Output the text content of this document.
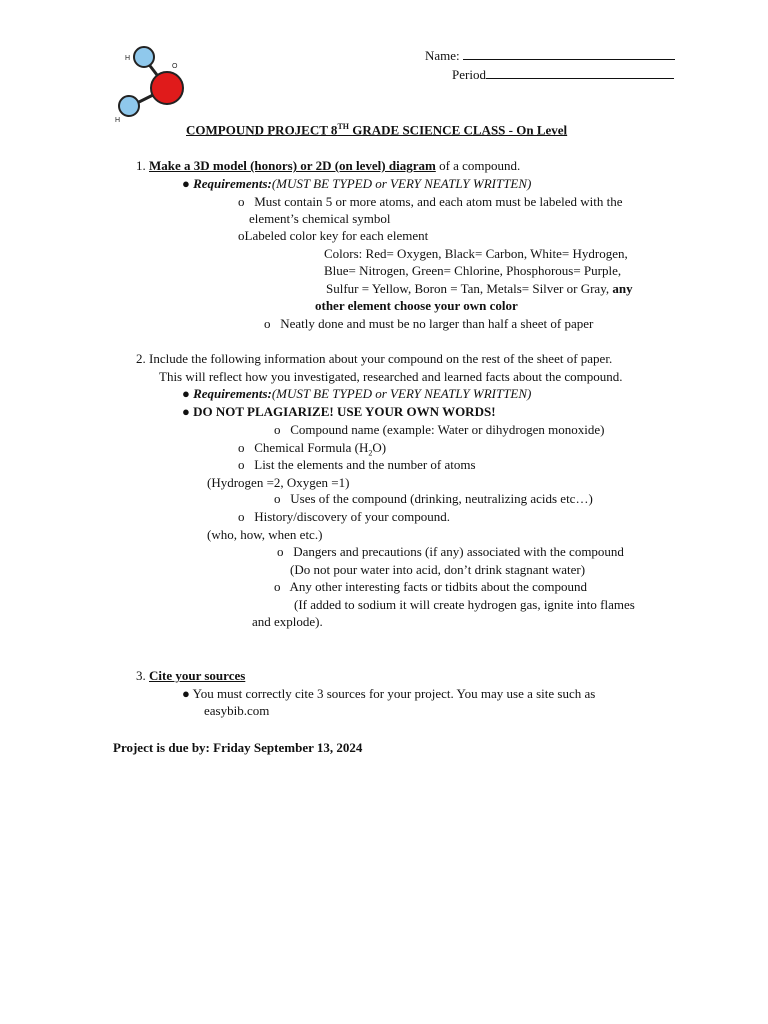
H
O
H
Name:
Period
COMPOUND PROJECT 8TH GRADE SCIENCE CLASS - On Level
1. Make a 3D model (honors) or 2D (on level) diagram of a compound.
● Requirements:(MUST BE TYPED or VERY NEATLY WRITTEN)
o Must contain 5 or more atoms, and each atom must be labeled with the
element’s chemical symbol
oLabeled color key for each element
Colors: Red= Oxygen, Black= Carbon, White= Hydrogen,
Blue= Nitrogen, Green= Chlorine, Phosphorous= Purple,
Sulfur = Yellow, Boron = Tan, Metals= Silver or Gray, any
other element choose your own color
o Neatly done and must be no larger than half a sheet of paper
2. Include the following information about your compound on the rest of the sheet of paper.
This will reflect how you investigated, researched and learned facts about the compound.
● Requirements:(MUST BE TYPED or VERY NEATLY WRITTEN)
● DO NOT PLAGIARIZE! USE YOUR OWN WORDS!
o Compound name (example: Water or dihydrogen monoxide)
o Chemical Formula $(H_2O)$
o List the elements and the number of atoms
(Hydrogen =2, Oxygen =1)
o Uses of the compound (drinking, neutralizing acids etc…)
o History/discovery of your compound.
(who, how, when etc.)
o Dangers and precautions (if any) associated with the compound
(Do not pour water into acid, don’t drink stagnant water)
o Any other interesting facts or tidbits about the compound
(If added to sodium it will create hydrogen gas, ignite into flames
and explode).
3. Cite your sources
● You must correctly cite 3 sources for your project. You may use a site such as
easybib.com
Project is due by: Friday September 13, 2024
